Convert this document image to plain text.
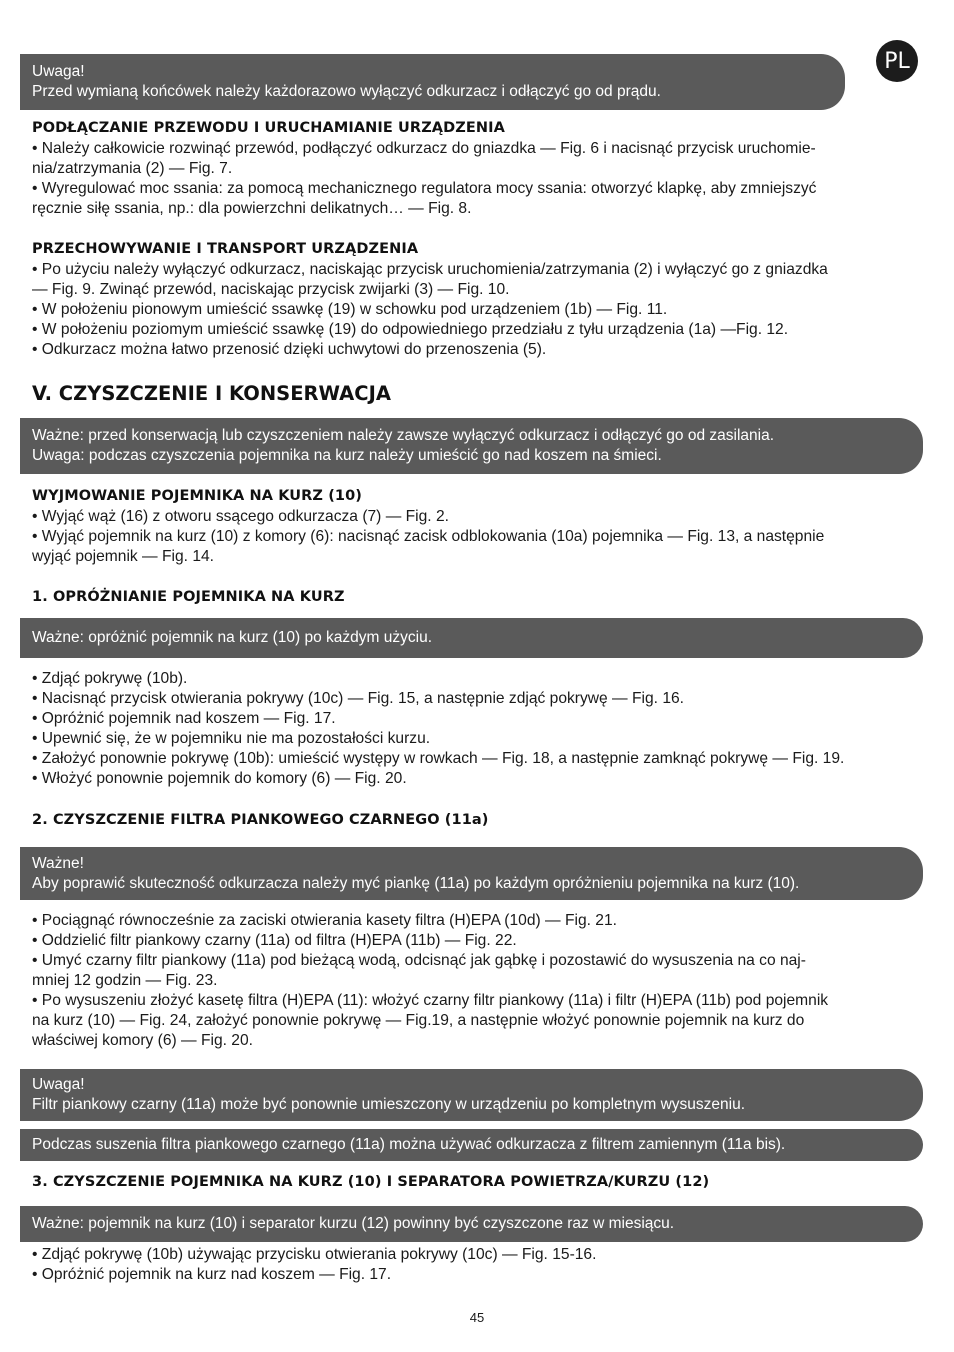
PL
Uwaga!
Przed wymianą końcówek należy każdorazowo wyłączyć odkurzacz i odłączyć go od prądu.
PODŁĄCZANIE PRZEWODU I URUCHAMIANIE URZĄDZENIA
• Należy całkowicie rozwinąć przewód, podłączyć odkurzacz do gniazdka — Fig. 6 i nacisnąć przycisk uruchomie-
nia/zatrzymania (2) — Fig. 7.
• Wyregulować moc ssania: za pomocą mechanicznego regulatora mocy ssania: otworzyć klapkę, aby zmniejszyć
ręcznie siłę ssania, np.: dla powierzchni delikatnych… — Fig. 8.
PRZECHOWYWANIE I TRANSPORT URZĄDZENIA
• Po użyciu należy wyłączyć odkurzacz, naciskając przycisk uruchomienia/zatrzymania (2) i wyłączyć go z gniazdka
— Fig. 9. Zwinąć przewód, naciskając przycisk zwijarki (3) — Fig. 10.
• W położeniu pionowym umieścić ssawkę (19) w schowku pod urządzeniem (1b) — Fig. 11.
• W położeniu poziomym umieścić ssawkę (19) do odpowiedniego przedziału z tyłu urządzenia (1a) —Fig. 12.
• Odkurzacz można łatwo przenosić dzięki uchwytowi do przenoszenia (5).
V. CZYSZCZENIE I KONSERWACJA
Ważne: przed konserwacją lub czyszczeniem należy zawsze wyłączyć odkurzacz i odłączyć go od zasilania.
Uwaga: podczas czyszczenia pojemnika na kurz należy umieścić go nad koszem na śmieci.
WYJMOWANIE POJEMNIKA NA KURZ (10)
• Wyjąć wąż (16) z otworu ssącego odkurzacza (7) — Fig. 2.
• Wyjąć pojemnik na kurz (10) z komory (6): nacisnąć zacisk odblokowania (10a) pojemnika — Fig. 13, a następnie
wyjąć pojemnik — Fig. 14.
1. OPRÓŻNIANIE POJEMNIKA NA KURZ
Ważne: opróżnić pojemnik na kurz (10) po każdym użyciu.
• Zdjąć pokrywę (10b).
• Nacisnąć przycisk otwierania pokrywy (10c) — Fig. 15, a następnie zdjąć pokrywę — Fig. 16.
• Opróżnić pojemnik nad koszem — Fig. 17.
• Upewnić się, że w pojemniku nie ma pozostałości kurzu.
• Założyć ponownie pokrywę (10b): umieścić występy w rowkach — Fig. 18, a następnie zamknąć pokrywę — Fig. 19.
• Włożyć ponownie pojemnik do komory (6) — Fig. 20.
2. CZYSZCZENIE FILTRA PIANKOWEGO CZARNEGO (11a)
Ważne!
Aby poprawić skuteczność odkurzacza należy myć piankę (11a) po każdym opróżnieniu pojemnika na kurz (10).
• Pociągnąć równocześnie za zaciski otwierania kasety filtra (H)EPA (10d) — Fig. 21.
• Oddzielić filtr piankowy czarny (11a) od filtra (H)EPA (11b) — Fig. 22.
• Umyć czarny filtr piankowy (11a) pod bieżącą wodą, odcisnąć jak gąbkę i pozostawić do wysuszenia na co naj-
mniej 12 godzin — Fig. 23.
• Po wysuszeniu złożyć kasetę filtra (H)EPA (11): włożyć czarny filtr piankowy (11a) i filtr (H)EPA (11b) pod pojemnik
na kurz (10) — Fig. 24, założyć ponownie pokrywę — Fig.19, a następnie włożyć ponownie pojemnik na kurz do
właściwej komory (6) — Fig. 20.
Uwaga!
Filtr piankowy czarny (11a) może być ponownie umieszczony w urządzeniu po kompletnym wysuszeniu.
Podczas suszenia filtra piankowego czarnego (11a) można używać odkurzacza z filtrem zamiennym (11a bis).
3. CZYSZCZENIE POJEMNIKA NA KURZ (10) I SEPARATORA POWIETRZA/KURZU (12)
Ważne: pojemnik na kurz (10) i separator kurzu (12) powinny być czyszczone raz w miesiącu.
• Zdjąć pokrywę (10b) używając przycisku otwierania pokrywy (10c) — Fig. 15-16.
• Opróżnić pojemnik na kurz nad koszem — Fig. 17.
45
